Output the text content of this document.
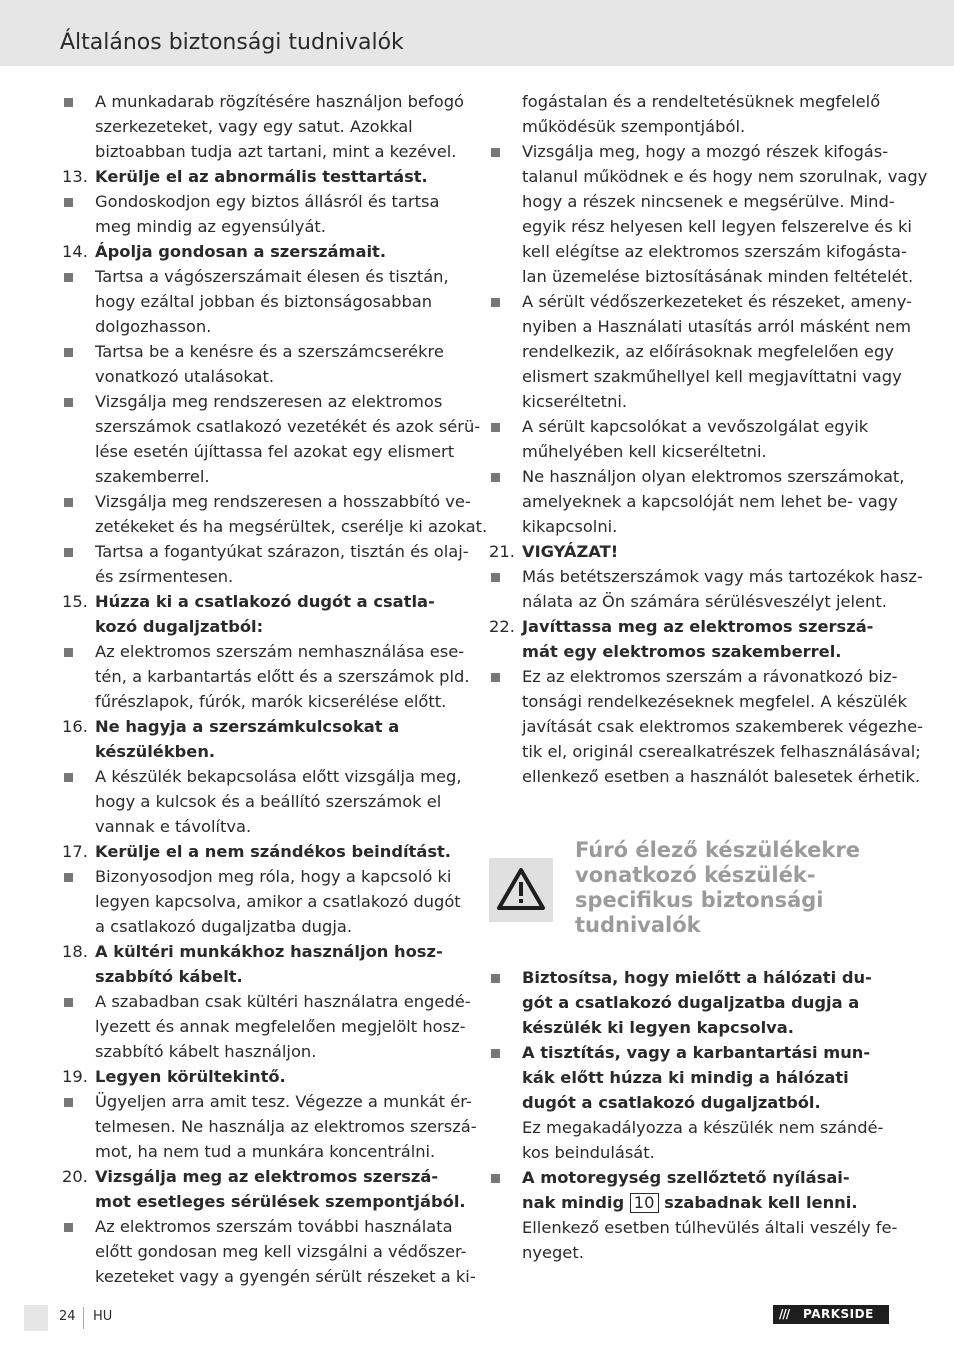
Általános biztonsági tudnivalók
A munkadarab rögzítésére használjon befogó
szerkezeteket, vagy egy satut. Azokkal
biztoabban tudja azt tartani, mint a kezével.
13. Kerülje el az abnormális testtartást.
Gondoskodjon egy biztos állásról és tartsa
meg mindig az egyensúlyát.
14. Ápolja gondosan a szerszámait.
Tartsa a vágószerszámait élesen és tisztán,
hogy ezáltal jobban és biztonságosabban
dolgozhasson.
Tartsa be a kenésre és a szerszámcserékre
vonatkozó utalásokat.
Vizsgálja meg rendszeresen az elektromos
szerszámok csatlakozó vezetékét és azok sérü-
lése esetén újíttassa fel azokat egy elismert
szakemberrel.
Vizsgálja meg rendszeresen a hosszabbító ve-
zetékeket és ha megsérültek, cserélje ki azokat.
Tartsa a fogantyúkat szárazon, tisztán és olaj-
és zsírmentesen.
15. Húzza ki a csatlakozó dugót a csatla-
kozó dugaljzatból:
Az elektromos szerszám nemhasználása ese-
tén, a karbantartás előtt és a szerszámok pld.
fűrészlapok, fúrók, marók kicserélése előtt.
16. Ne hagyja a szerszámkulcsokat a
készülékben.
A készülék bekapcsolása előtt vizsgálja meg,
hogy a kulcsok és a beállító szerszámok el
vannak e távolítva.
17. Kerülje el a nem szándékos beindítást.
Bizonyosodjon meg róla, hogy a kapcsoló ki
legyen kapcsolva, amikor a csatlakozó dugót
a csatlakozó dugaljzatba dugja.
18. A kültéri munkákhoz használjon hosz-
szabbító kábelt.
A szabadban csak kültéri használatra engedé-
lyezett és annak megfelelően megjelölt hosz-
szabbító kábelt használjon.
19. Legyen körültekintő.
Ügyeljen arra amit tesz. Végezze a munkát ér-
telmesen. Ne használja az elektromos szerszá-
mot, ha nem tud a munkára koncentrálni.
20. Vizsgálja meg az elektromos szerszá-
mot esetleges sérülések szempontjából.
Az elektromos szerszám további használata
előtt gondosan meg kell vizsgálni a védőszer-
kezeteket vagy a gyengén sérült részeket a ki-
fogástalan és a rendeltetésüknek megfelelő
működésük szempontjából.
Vizsgálja meg, hogy a mozgó részek kifogás-
talanul működnek e és hogy nem szorulnak, vagy
hogy a részek nincsenek e megsérülve. Mind-
egyik rész helyesen kell legyen felszerelve és ki
kell elégítse az elektromos szerszám kifogásta-
lan üzemelése biztosításának minden feltételét.
A sérült védőszerkezeteket és részeket, ameny-
nyiben a Használati utasítás arról másként nem
rendelkezik, az előírásoknak megfelelően egy
elismert szakműhellyel kell megjavíttatni vagy
kicseréltetni.
A sérült kapcsolókat a vevőszolgálat egyik
műhelyében kell kicseréltetni.
Ne használjon olyan elektromos szerszámokat,
amelyeknek a kapcsolóját nem lehet be- vagy
kikapcsolni.
21. VIGYÁZAT!
Más betétszerszámok vagy más tartozékok hasz-
nálata az Ön számára sérülésveszélyt jelent.
22. Javíttassa meg az elektromos szerszá-
mát egy elektromos szakemberrel.
Ez az elektromos szerszám a rávonatkozó biz-
tonsági rendelkezéseknek megfelel. A készülék
javítását csak elektromos szakemberek végezhe-
tik el, originál cserealkatrészek felhasználásával;
ellenkező esetben a használót balesetek érhetik.
Fúró élező készülékekre
vonatkozó készülék-
specifikus biztonsági
tudnivalók
Biztosítsa, hogy mielőtt a hálózati du-
gót a csatlakozó dugaljzatba dugja a
készülék ki legyen kapcsolva.
A tisztítás, vagy a karbantartási mun-
kák előtt húzza ki mindig a hálózati
dugót a csatlakozó dugaljzatból.
Ez megakadályozza a készülék nem szándé-
kos beindulását.
A motoregység szellőztető nyílásai-
nak mindig 10 szabadnak kell lenni.
Ellenkező esetben túlhevülés általi veszély fe-
nyeget.
24 HU	/// PARKSIDE
